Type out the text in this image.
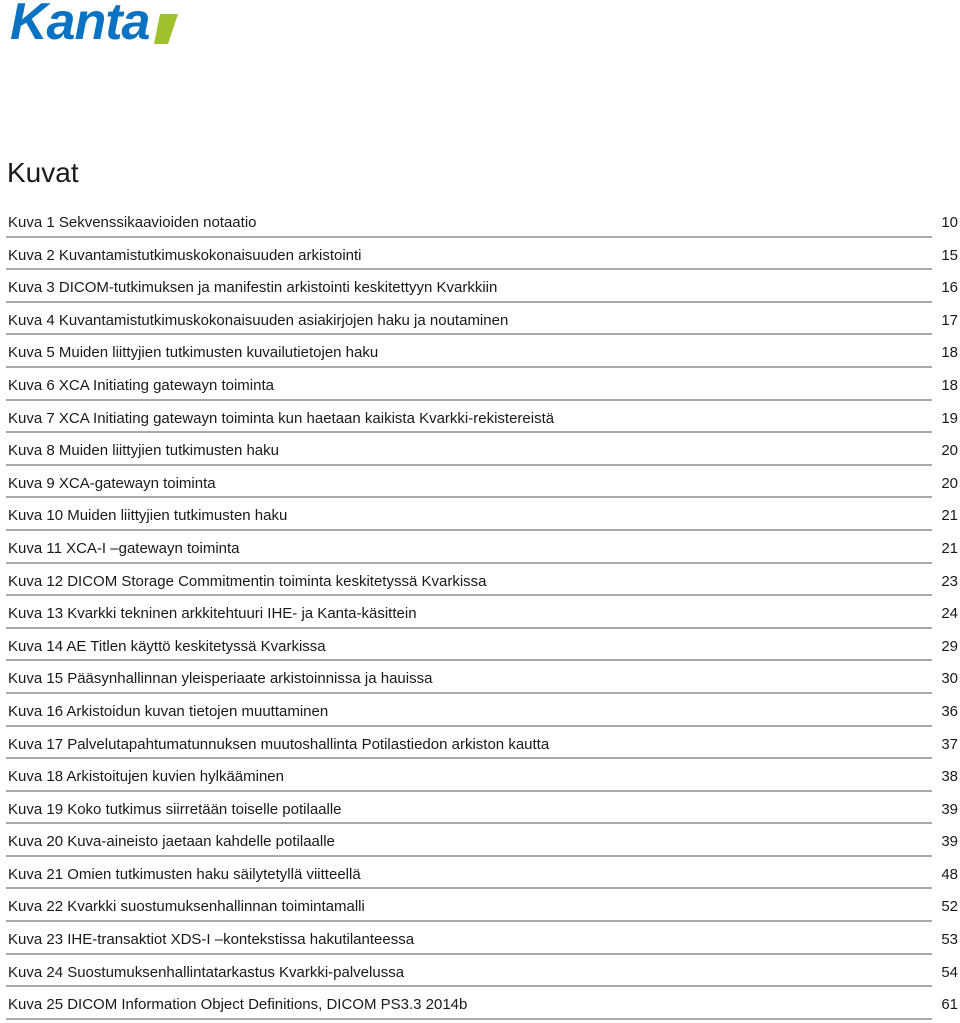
Kanta
Kuvat
Kuva 1 Sekvenssikaavioiden notaatio	10
Kuva 2 Kuvantamistutkimuskokonaisuuden arkistointi	15
Kuva 3 DICOM-tutkimuksen ja manifestin arkistointi keskitettyyn Kvarkkiin	16
Kuva 4 Kuvantamistutkimuskokonaisuuden asiakirjojen haku ja noutaminen	17
Kuva 5 Muiden liittyjien tutkimusten kuvailutietojen haku	18
Kuva 6 XCA Initiating gatewayn toiminta	18
Kuva 7 XCA Initiating gatewayn toiminta kun haetaan kaikista Kvarkki-rekistereistä	19
Kuva 8 Muiden liittyjien tutkimusten haku	20
Kuva 9 XCA-gatewayn toiminta	20
Kuva 10 Muiden liittyjien tutkimusten haku	21
Kuva 11 XCA-I –gatewayn toiminta	21
Kuva 12 DICOM Storage Commitmentin toiminta keskitetyssä Kvarkissa	23
Kuva 13 Kvarkki tekninen arkkitehtuuri IHE- ja Kanta-käsittein	24
Kuva 14 AE Titlen käyttö keskitetyssä Kvarkissa	29
Kuva 15 Pääsynhallinnan yleisperiaate arkistoinnissa ja hauissa	30
Kuva 16 Arkistoidun kuvan tietojen muuttaminen	36
Kuva 17 Palvelutapahtumatunnuksen muutoshallinta Potilastiedon arkiston kautta	37
Kuva 18 Arkistoitujen kuvien hylkääminen	38
Kuva 19 Koko tutkimus siirretään toiselle potilaalle	39
Kuva 20 Kuva-aineisto jaetaan kahdelle potilaalle	39
Kuva 21 Omien tutkimusten haku säilytetyllä viitteellä	48
Kuva 22 Kvarkki suostumuksenhallinnan toimintamalli	52
Kuva 23 IHE-transaktiot XDS-I –kontekstissa hakutilanteessa	53
Kuva 24 Suostumuksenhallintatarkastus Kvarkki-palvelussa	54
Kuva 25 DICOM Information Object Definitions, DICOM PS3.3 2014b	61
